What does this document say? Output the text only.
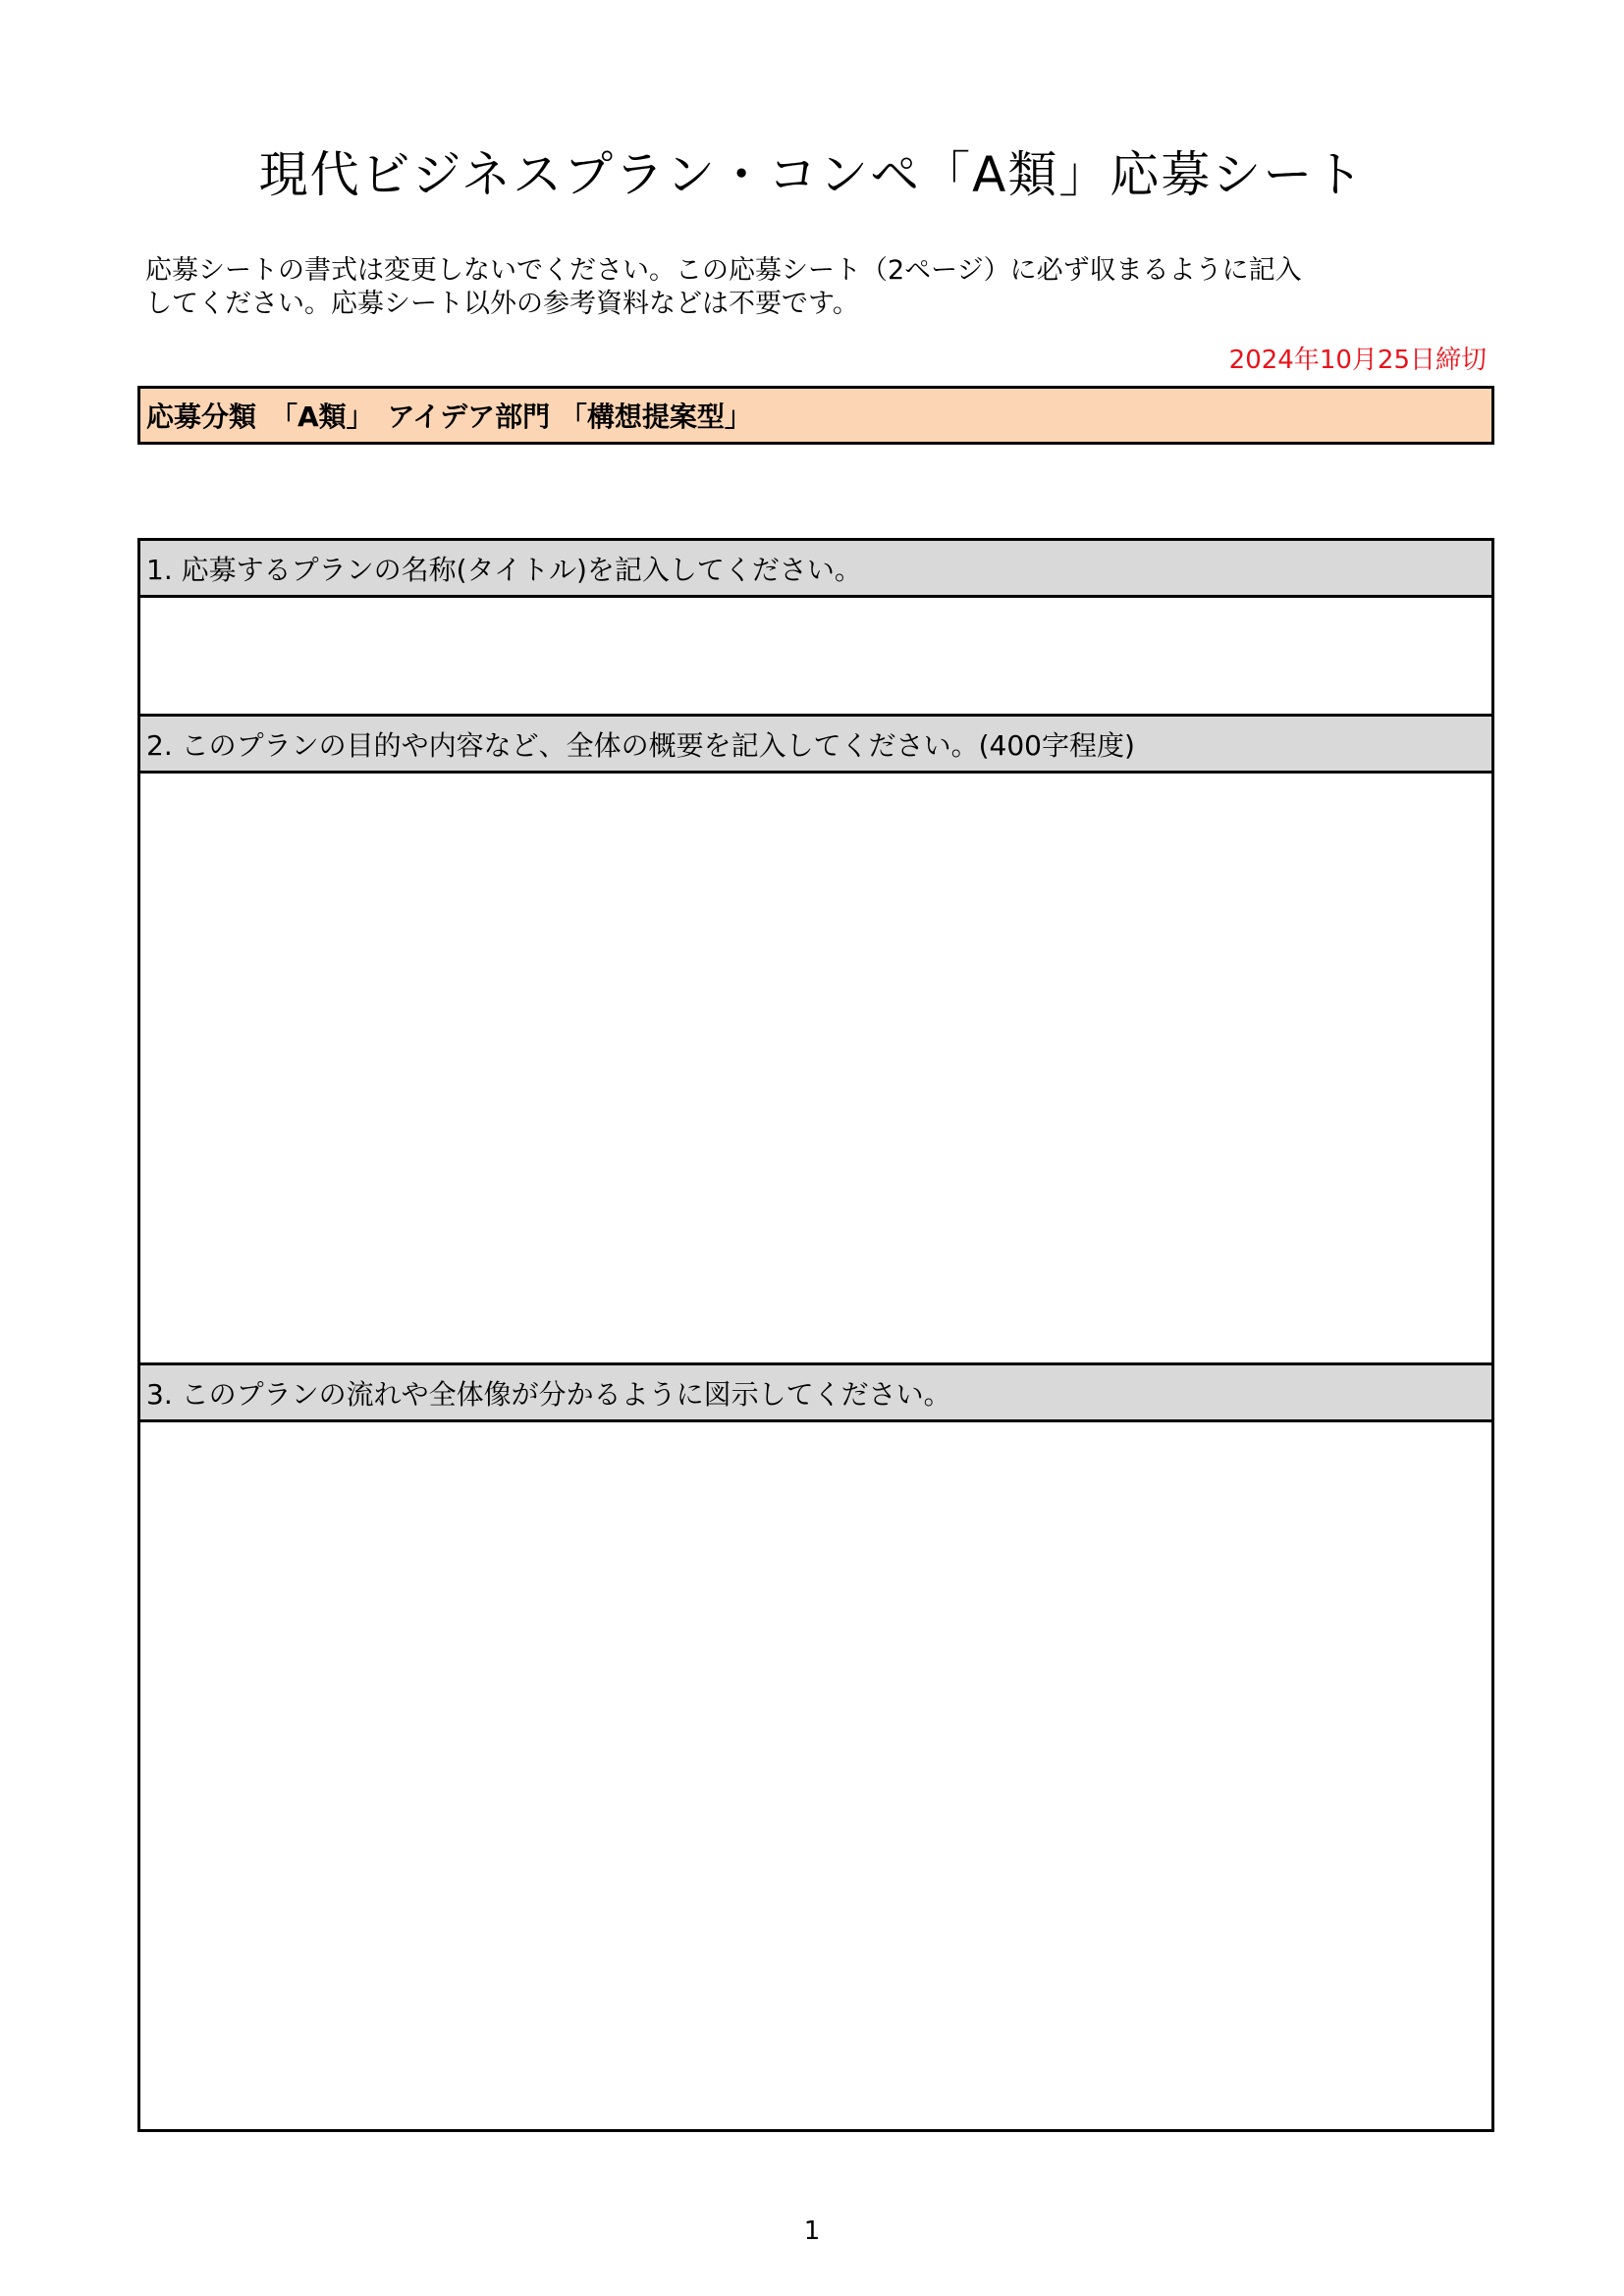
現代ビジネスプラン・コンペ「A類」応募シート
応募シートの書式は変更しないでください。この応募シート（2ページ）に必ず収まるように記入
してください。応募シート以外の参考資料などは不要です。
2024年10月25日締切
応募分類　「A類」　アイデア部門 「構想提案型」
1. 応募するプランの名称(タイトル)を記入してください。
2. このプランの目的や内容など、全体の概要を記入してください。(400字程度)
3. このプランの流れや全体像が分かるように図示してください。
1
